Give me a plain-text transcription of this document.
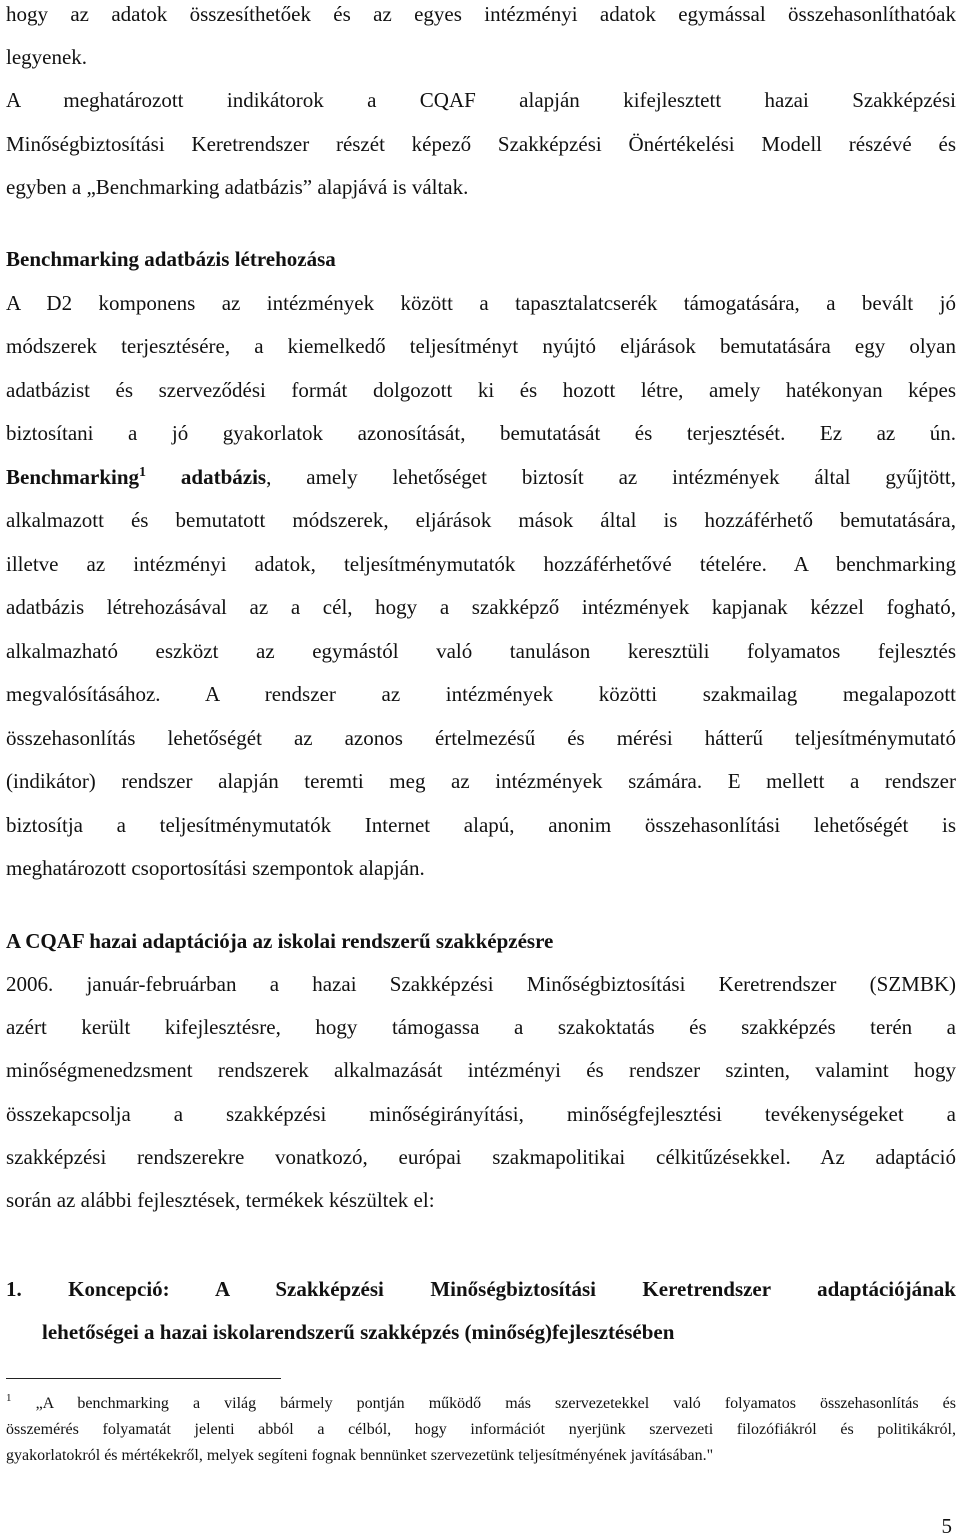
hogy az adatok összesíthetőek és az egyes intézményi adatok egymással összehasonlíthatóak
legyenek.
A meghatározott indikátorok a CQAF alapján kifejlesztett hazai Szakképzési
Minőségbiztosítási Keretrendszer részét képező Szakképzési Önértékelési Modell részévé és
egyben a „Benchmarking adatbázis” alapjává is váltak.
Benchmarking adatbázis létrehozása
A D2 komponens az intézmények között a tapasztalatcserék támogatására, a bevált jó
módszerek terjesztésére, a kiemelkedő teljesítményt nyújtó eljárások bemutatására egy olyan
adatbázist és szerveződési formát dolgozott ki és hozott létre, amely hatékonyan képes
biztosítani a jó gyakorlatok azonosítását, bemutatását és terjesztését. Ez az ún.
Benchmarking$^1$ adatbázis, amely lehetőséget biztosít az intézmények által gyűjtött,
alkalmazott és bemutatott módszerek, eljárások mások által is hozzáférhető bemutatására,
illetve az intézményi adatok, teljesítménymutatók hozzáférhetővé tételére. A benchmarking
adatbázis létrehozásával az a cél, hogy a szakképző intézmények kapjanak kézzel fogható,
alkalmazható eszközt az egymástól való tanuláson keresztüli folyamatos fejlesztés
megvalósításához. A rendszer az intézmények közötti szakmailag megalapozott
összehasonlítás lehetőségét az azonos értelmezésű és mérési hátterű teljesítménymutató
(indikátor) rendszer alapján teremti meg az intézmények számára. E mellett a rendszer
biztosítja a teljesítménymutatók Internet alapú, anonim összehasonlítási lehetőségét is
meghatározott csoportosítási szempontok alapján.
A CQAF hazai adaptációja az iskolai rendszerű szakképzésre
2006. január-februárban a hazai Szakképzési Minőségbiztosítási Keretrendszer (SZMBK)
azért került kifejlesztésre, hogy támogassa a szakoktatás és szakképzés terén a
minőségmenedzsment rendszerek alkalmazását intézményi és rendszer szinten, valamint hogy
összekapcsolja a szakképzési minőségirányítási, minőségfejlesztési tevékenységeket a
szakképzési rendszerekre vonatkozó, európai szakmapolitikai célkitűzésekkel. Az adaptáció
során az alábbi fejlesztések, termékek készültek el:
1. Koncepció: A Szakképzési Minőségbiztosítási Keretrendszer adaptációjának
lehetőségei a hazai iskolarendszerű szakképzés (minőség)fejlesztésében
$^1$ „A benchmarking a világ bármely pontján működő más szervezetekkel való folyamatos összehasonlítás és
összemérés folyamatát jelenti abból a célból, hogy információt nyerjünk szervezeti filozófiákról és politikákról,
gyakorlatokról és mértékekről, melyek segíteni fognak bennünket szervezetünk teljesítményének javításában."
5
